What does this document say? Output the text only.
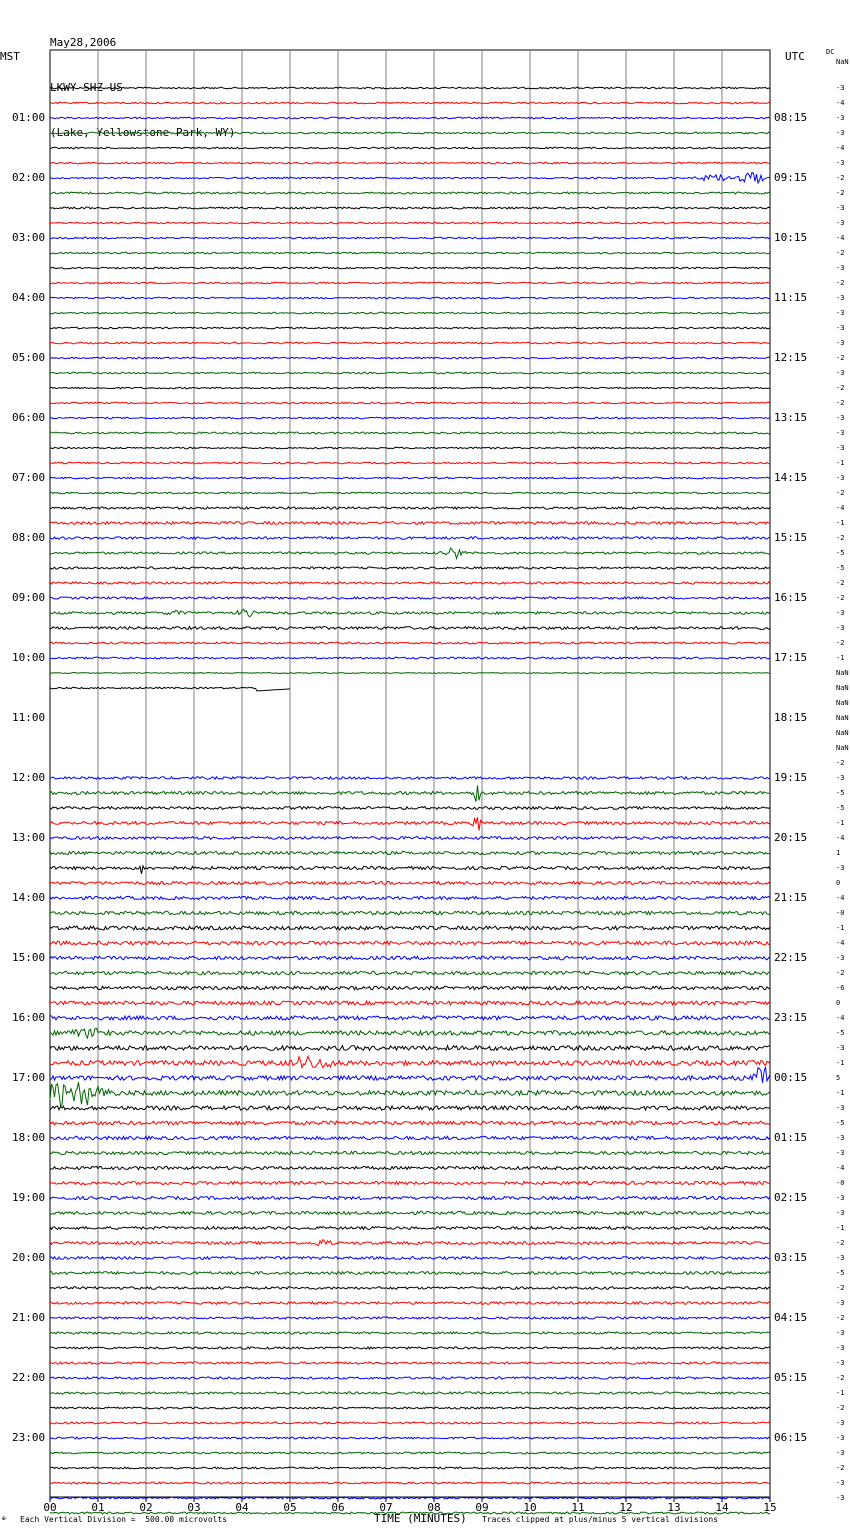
May28,2006

LKWY SHZ US

(Lake, Yellowstone Park, WY)

MST	UTC	DC
00	01	02	03	04	05	06	07	08	09	10	11	12	13	14	15
01:00
02:00
03:00
04:00
05:00
06:00
07:00
08:00
09:00
10:00
11:00
12:00
13:00
14:00
15:00
16:00
17:00
18:00
19:00
20:00
21:00
22:00
23:00
08:15
09:15
10:15
11:15
12:15
13:15
14:15
15:15
16:15
17:15
18:15
19:15
20:15
21:15
22:15
23:15
00:15
01:15
02:15
03:15
04:15
05:15
06:15
NaN
-3
-4
-3
-3
-4
-3
-2
-2
-3
-3
-4
-2
-3
-2
-3
-3
-3
-3
-2
-3
-2
-2
-3
-3
-3
-1
-3
-2
-4
-1
-2
-5
-5
-2
-2
-3
-3
-2
-1
NaN
NaN
NaN
NaN
NaN
NaN
-2
-3
-5
-5
-1
-4
1
-3
0
-4
-0
-1
-4
-3
-2
-6
0
-4
-5
-3
-1
5
-1
-3
-5
-3
-3
-4
-0
-3
-3
-1
-2
-3
-5
-2
-3
-2
-3
-3
-3
-2
-1
-2
-3
-3
-3
-2
-3
-3
✠ Each Vertical Division =  500.00 microvolts	TIME (MINUTES) Traces clipped at plus/minus 5 vertical divisions
